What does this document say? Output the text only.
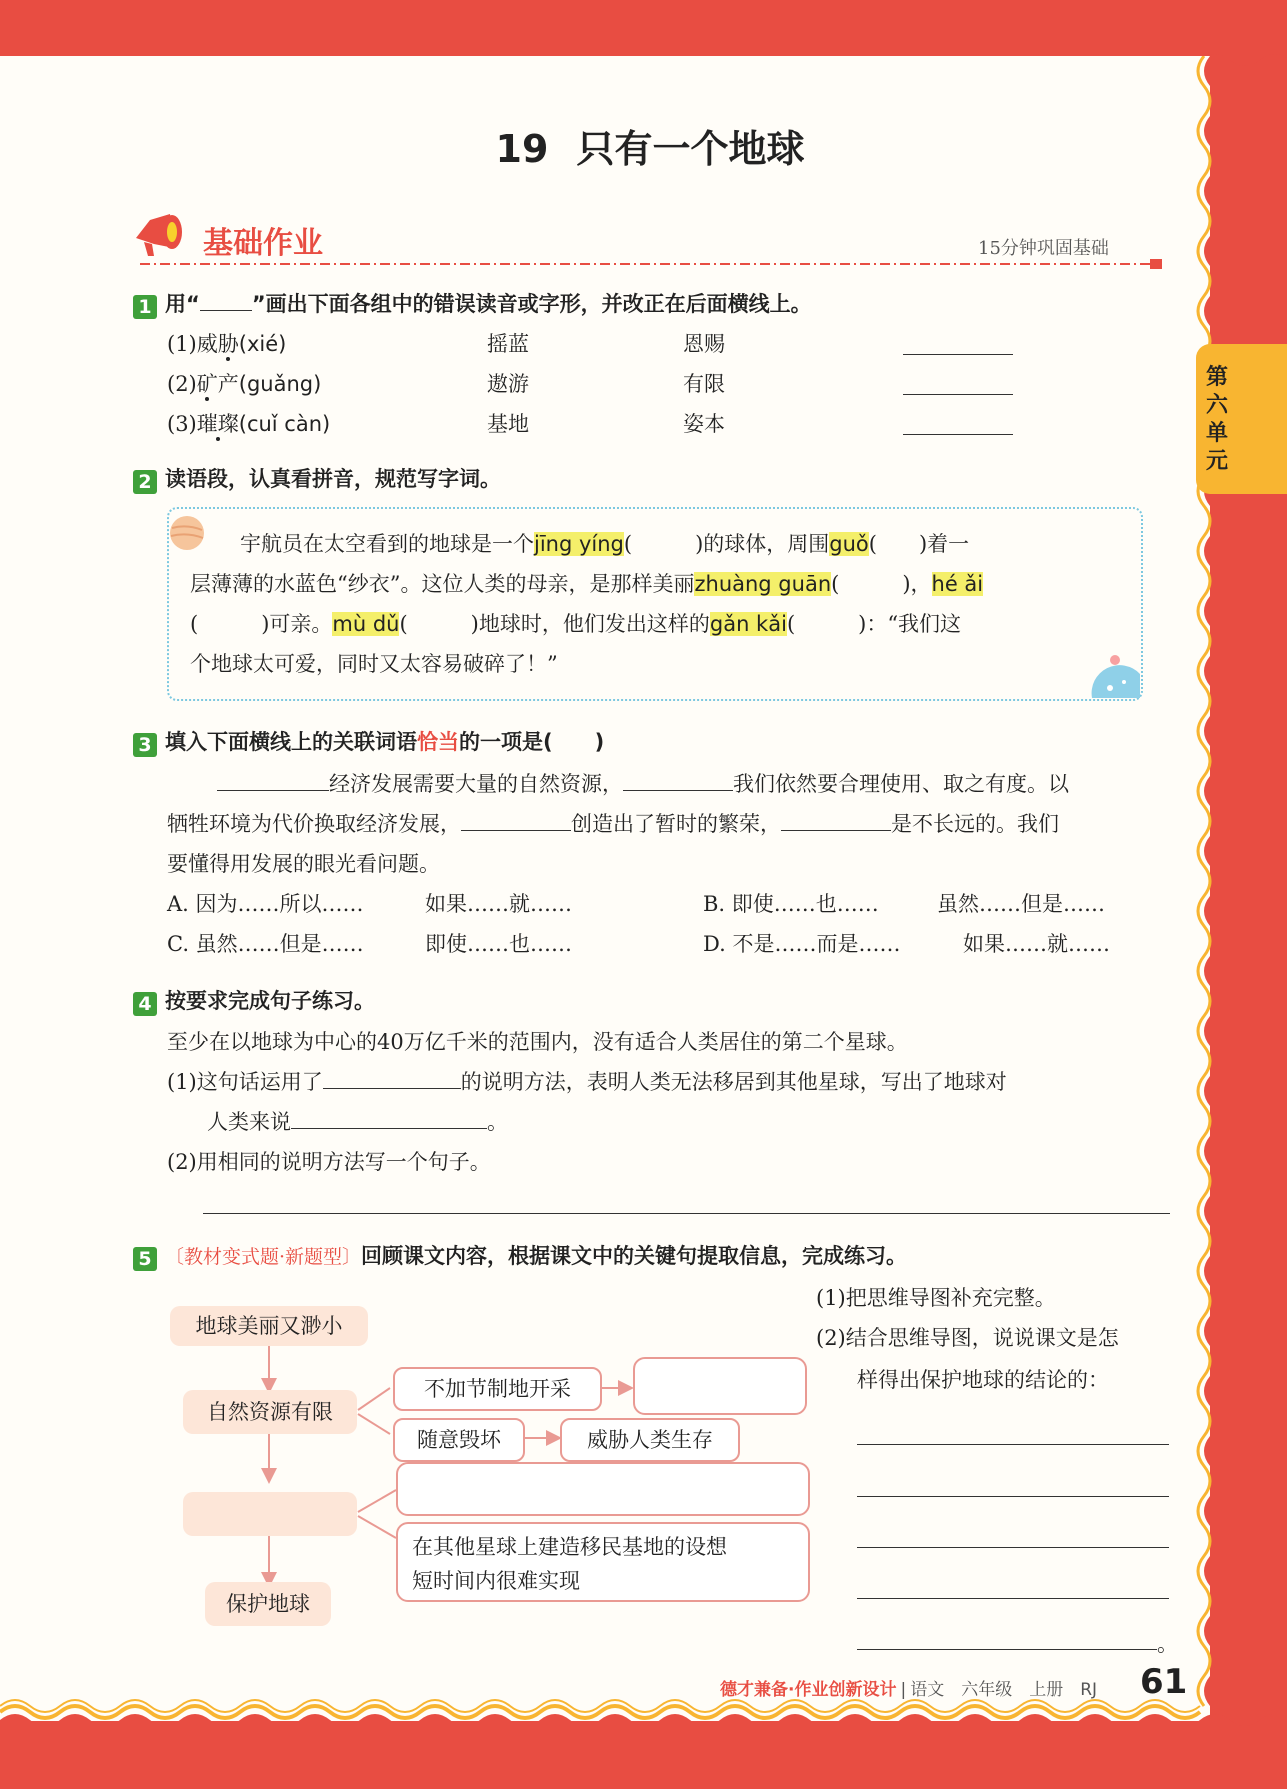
第六单元
19 只有一个地球
基础作业	15分钟巩固基础
1 用“ ”画出下面各组中的错误读音或字形，并改正在后面横线上。
(1)威胁(xié)	摇蓝	恩赐
(2)矿产(guǎng)	遨游	有限
(3)璀璨(cuǐ càn)	基地	姿本
2 读语段，认真看拼音，规范写字词。
宇航员在太空看到的地球是一个jīng yíng(　　　)的球体，周围guǒ(　　)着一
层薄薄的水蓝色“纱衣”。这位人类的母亲，是那样美丽zhuàng guān(　　　)，hé ǎi
(　　　)可亲。mù dǔ(　　　)地球时，他们发出这样的gǎn kǎi(　　　)：“我们这
个地球太可爱，同时又太容易破碎了！”
3 填入下面横线上的关联词语恰当的一项是(　　)
经济发展需要大量的自然资源，	我们依然要合理使用、取之有度。以
牺牲环境为代价换取经济发展，	创造出了暂时的繁荣，	是不长远的。我们
要懂得用发展的眼光看问题。
A. 因为……所以……	如果……就……	B. 即使……也……	虽然……但是……
C. 虽然……但是……	即使……也……	D. 不是……而是……	如果……就……
4 按要求完成句子练习。
至少在以地球为中心的40万亿千米的范围内，没有适合人类居住的第二个星球。
(1)这句话运用了	的说明方法，表明人类无法移居到其他星球，写出了地球对
人类来说	。
(2)用相同的说明方法写一个句子。
5 〔教材变式题·新题型〕回顾课文内容，根据课文中的关键句提取信息，完成练习。
地球美丽又渺小
自然资源有限
不加节制地开采
随意毁坏	威胁人类生存
在其他星球上建造移民基地的设想
短时间内很难实现
保护地球
(1)把思维导图补充完整。
(2)结合思维导图，说说课文是怎
样得出保护地球的结论的：
。
德才兼备·作业创新设计 | 语文　六年级　上册　RJ 61
